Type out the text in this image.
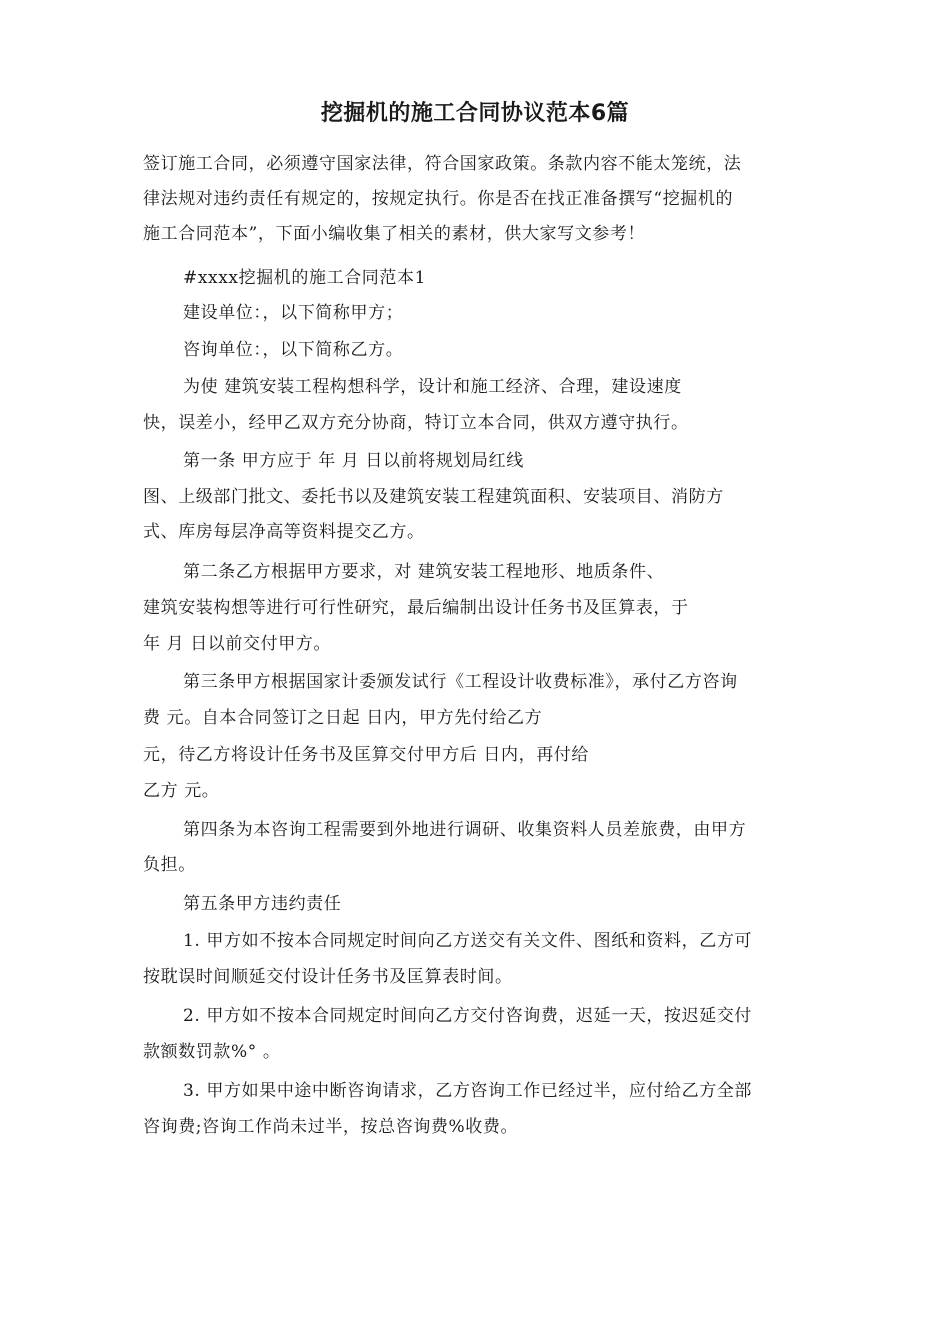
挖掘机的施工合同协议范本6篇
签订施工合同，必须遵守国家法律，符合国家政策。条款内容不能太笼统，法
律法规对违约责任有规定的，按规定执行。你是否在找正准备撰写“挖掘机的
施工合同范本”，下面小编收集了相关的素材，供大家写文参考！
#xxxx挖掘机的施工合同范本1
建设单位：，以下简称甲方；
咨询单位：，以下简称乙方。
为使 建筑安装工程构想科学，设计和施工经济、合理，建设速度
快，误差小，经甲乙双方充分协商，特订立本合同，供双方遵守执行。
第一条 甲方应于 年 月 日以前将规划局红线
图、上级部门批文、委托书以及建筑安装工程建筑面积、安装项目、消防方
式、库房每层净高等资料提交乙方。
第二条乙方根据甲方要求，对 建筑安装工程地形、地质条件、
建筑安装构想等进行可行性研究，最后编制出设计任务书及匡算表，于
年 月 日以前交付甲方。
第三条甲方根据国家计委颁发试行《工程设计收费标准》，承付乙方咨询
费 元。自本合同签订之日起 日内，甲方先付给乙方
元，待乙方将设计任务书及匡算交付甲方后 日内，再付给
乙方 元。
第四条为本咨询工程需要到外地进行调研、收集资料人员差旅费，由甲方
负担。
第五条甲方违约责任
1. 甲方如不按本合同规定时间向乙方送交有关文件、图纸和资料，乙方可
按耽误时间顺延交付设计任务书及匡算表时间。
2. 甲方如不按本合同规定时间向乙方交付咨询费，迟延一天，按迟延交付
款额数罚款%° 。
3. 甲方如果中途中断咨询请求，乙方咨询工作已经过半，应付给乙方全部
咨询费;咨询工作尚未过半，按总咨询费%收费。
